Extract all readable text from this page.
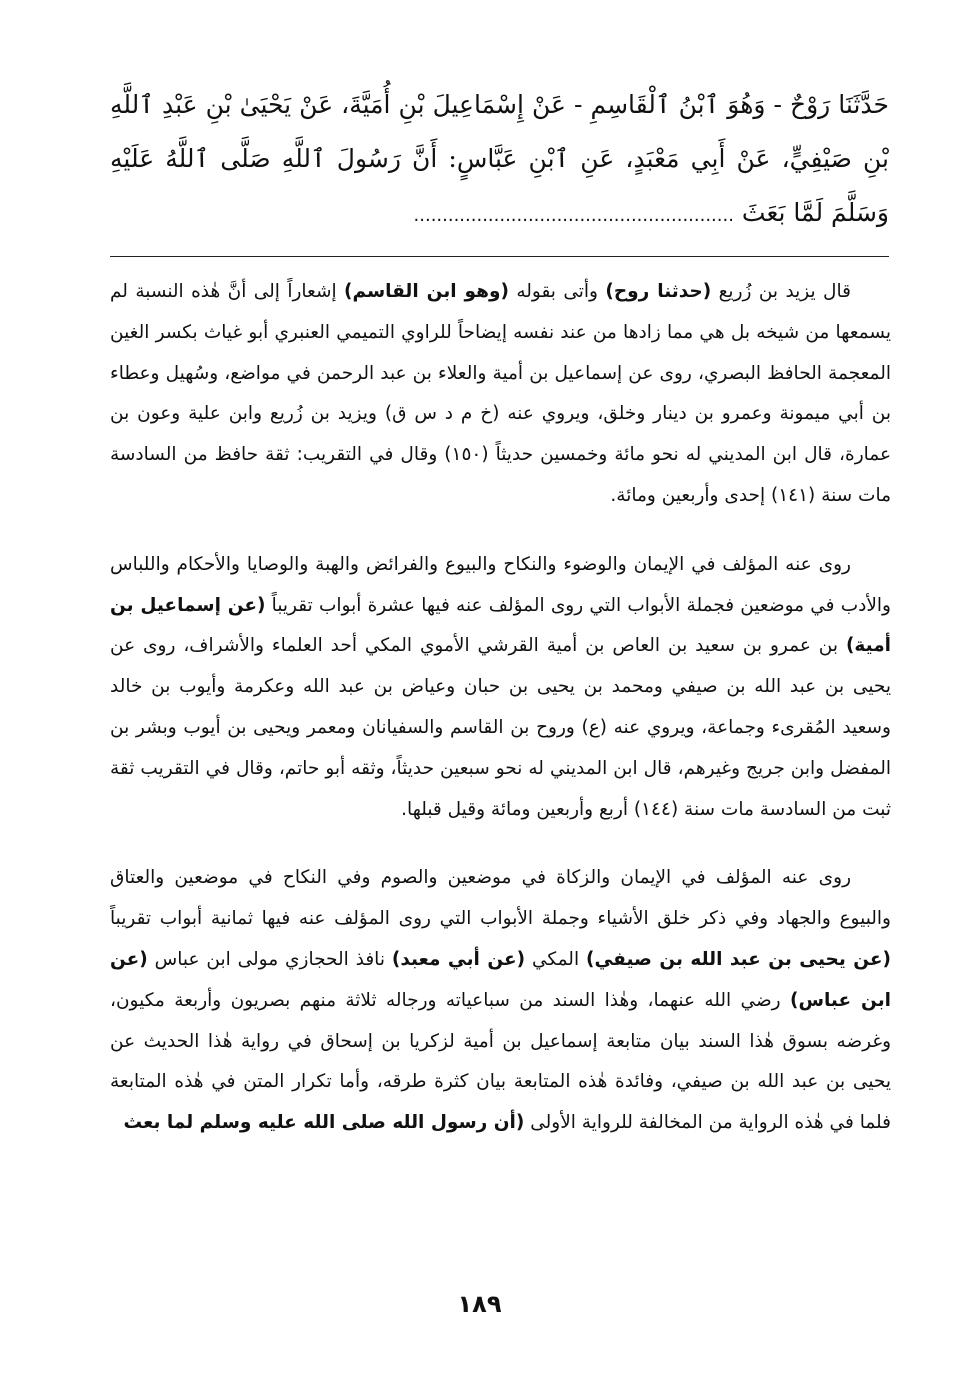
حَدَّثَنَا رَوْحٌ - وَهُوَ ٱبْنُ ٱلْقَاسِمِ - عَنْ إِسْمَاعِيلَ بْنِ أُمَيَّةَ، عَنْ يَحْيَىٰ بْنِ عَبْدِ ٱللَّهِ بْنِ صَيْفِيٍّ، عَنْ أَبِي مَعْبَدٍ، عَنِ ٱبْنِ عَبَّاسٍ: أَنَّ رَسُولَ ٱللَّهِ صَلَّى ٱللَّهُ عَلَيْهِ وَسَلَّمَ لَمَّا بَعَثَ ........................................................

قال يزيد بن زُريع (حدثنا روح) وأتى بقوله (وهو ابن القاسم) إشعاراً إلى أنَّ هٰذه النسبة لم يسمعها من شيخه بل هي مما زادها من عند نفسه إيضاحاً للراوي التميمي العنبري أبو غياث بكسر الغين المعجمة الحافظ البصري، روى عن إسماعيل بن أمية والعلاء بن عبد الرحمن في مواضع، وسُهيل وعطاء بن أبي ميمونة وعمرو بن دينار وخلق، ويروي عنه (خ م د س ق) ويزيد بن زُريع وابن علية وعون بن عمارة، قال ابن المديني له نحو مائة وخمسين حديثاً (١٥٠) وقال في التقريب: ثقة حافظ من السادسة مات سنة (١٤١) إحدى وأربعين ومائة.

روى عنه المؤلف في الإيمان والوضوء والنكاح والبيوع والفرائض والهبة والوصايا والأحكام واللباس والأدب في موضعين فجملة الأبواب التي روى المؤلف عنه فيها عشرة أبواب تقريباً (عن إسماعيل بن أمية) بن عمرو بن سعيد بن العاص بن أمية القرشي الأموي المكي أحد العلماء والأشراف، روى عن يحيى بن عبد الله بن صيفي ومحمد بن يحيى بن حبان وعياض بن عبد الله وعكرمة وأيوب بن خالد وسعيد المُقرىء وجماعة، ويروي عنه (ع) وروح بن القاسم والسفيانان ومعمر ويحيى بن أيوب وبشر بن المفضل وابن جريج وغيرهم، قال ابن المديني له نحو سبعين حديثاً، وثقه أبو حاتم، وقال في التقريب ثقة ثبت من السادسة مات سنة (١٤٤) أربع وأربعين ومائة وقيل قبلها.

روى عنه المؤلف في الإيمان والزكاة في موضعين والصوم وفي النكاح في موضعين والعتاق والبيوع والجهاد وفي ذكر خلق الأشياء وجملة الأبواب التي روى المؤلف عنه فيها ثمانية أبواب تقريباً (عن يحيى بن عبد الله بن صيفي) المكي (عن أبي معبد) نافذ الحجازي مولى ابن عباس (عن ابن عباس) رضي الله عنهما، وهٰذا السند من سباعياته ورجاله ثلاثة منهم بصريون وأربعة مكيون، وغرضه بسوق هٰذا السند بيان متابعة إسماعيل بن أمية لزكريا بن إسحاق في رواية هٰذا الحديث عن يحيى بن عبد الله بن صيفي، وفائدة هٰذه المتابعة بيان كثرة طرقه، وأما تكرار المتن في هٰذه المتابعة فلما في هٰذه الرواية من المخالفة للرواية الأولى (أن رسول الله صلى الله عليه وسلم لما بعث

١٨٩
